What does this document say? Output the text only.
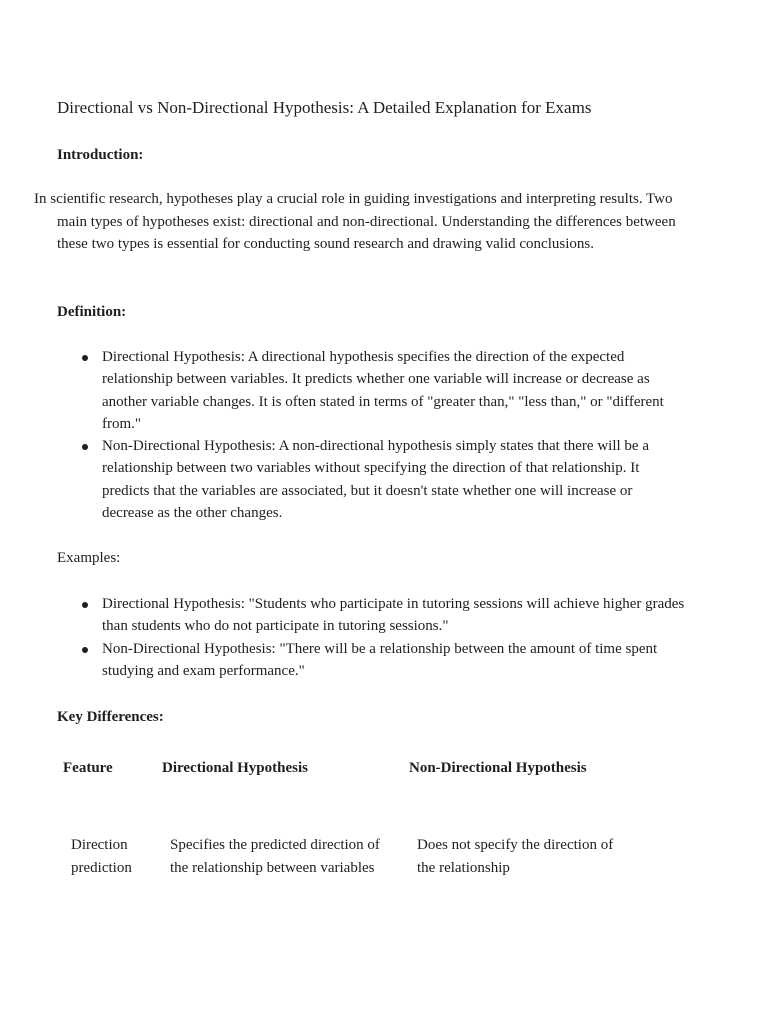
Directional vs Non-Directional Hypothesis: A Detailed Explanation for Exams
Introduction:

In scientific research, hypotheses play a crucial role in guiding investigations and interpreting results. Two main types of hypotheses exist: directional and non-directional. Understanding the differences between these two types is essential for conducting sound research and drawing valid conclusions.

Definition:
Directional Hypothesis: A directional hypothesis specifies the direction of the expected relationship between variables. It predicts whether one variable will increase or decrease as another variable changes. It is often stated in terms of "greater than," "less than," or "different from."
Non-Directional Hypothesis: A non-directional hypothesis simply states that there will be a relationship between two variables without specifying the direction of that relationship. It predicts that the variables are associated, but it doesn't state whether one will increase or decrease as the other changes.
Examples:
Directional Hypothesis: "Students who participate in tutoring sessions will achieve higher grades than students who do not participate in tutoring sessions."
Non-Directional Hypothesis: "There will be a relationship between the amount of time spent studying and exam performance."
Key Differences:
Feature	Directional Hypothesis	Non-Directional Hypothesis
Direction prediction
Specifies the predicted direction of the relationship between variables
Does not specify the direction of the relationship
